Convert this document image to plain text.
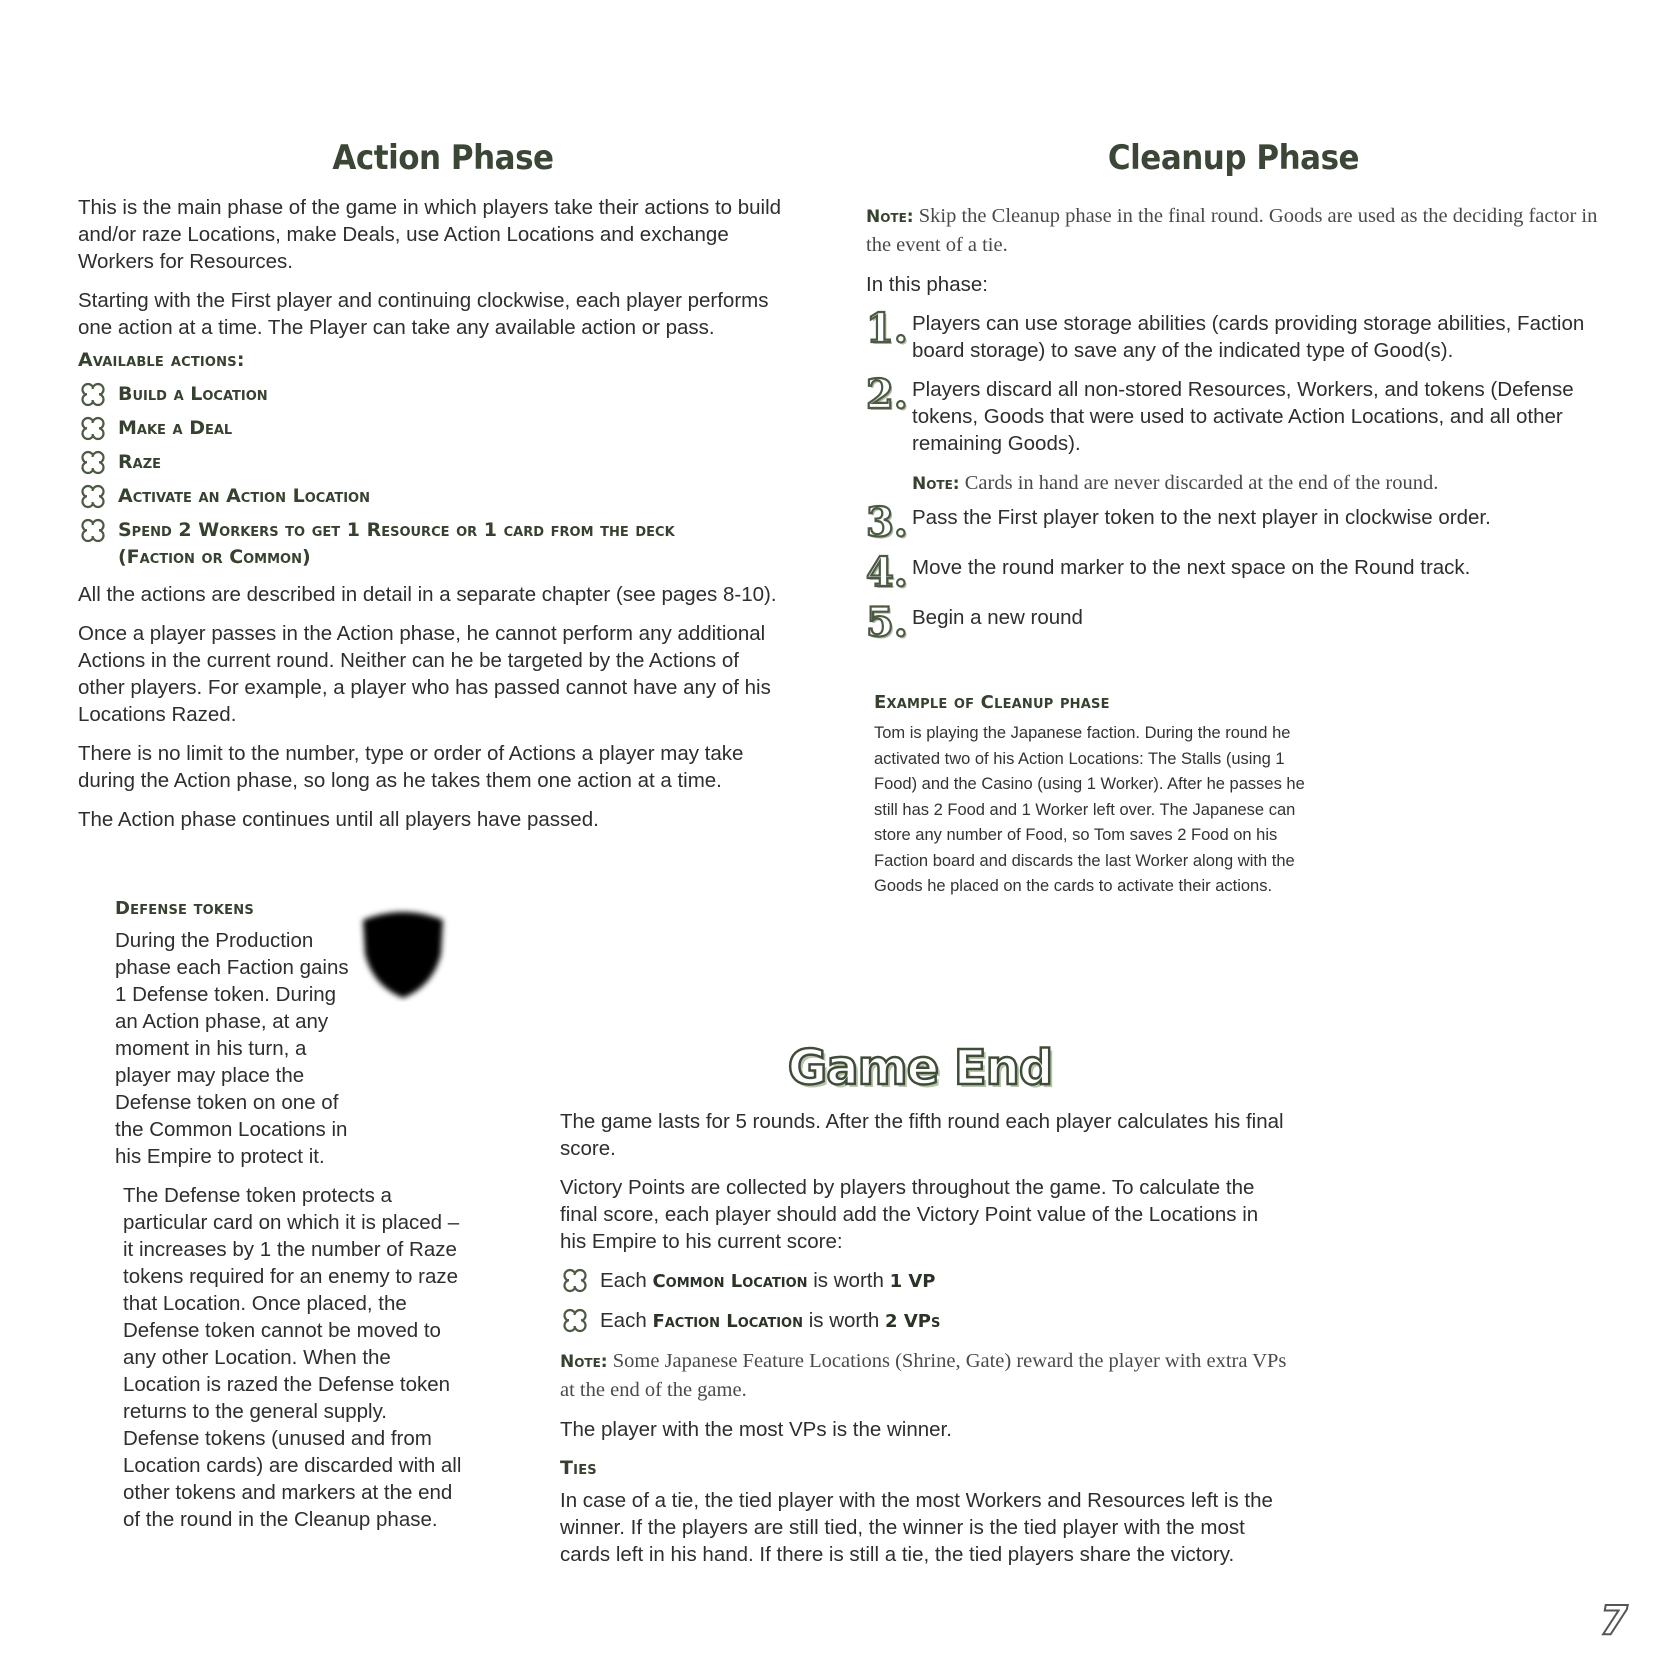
Action Phase

This is the main phase of the game in which players take their actions to build and/or raze Locations, make Deals, use Action Locations and exchange Workers for Resources.

Starting with the First player and continuing clockwise, each player performs one action at a time. The Player can take any available action or pass.

Available actions:
Build a Location
Make a Deal
Raze
Activate an Action Location
Spend 2 Workers to get 1 Resource or 1 card from the deck (Faction or Common)

All the actions are described in detail in a separate chapter (see pages 8-10).

Once a player passes in the Action phase, he cannot perform any additional Actions in the current round. Neither can he be targeted by the Actions of other players. For example, a player who has passed cannot have any of his Locations Razed.

There is no limit to the number, type or order of Actions a player may take during the Action phase, so long as he takes them one action at a time.

The Action phase continues until all players have passed.

Defense tokens

During the Production phase each Faction gains 1 Defense token. During an Action phase, at any moment in his turn, a player may place the Defense token on one of the Common Locations in his Empire to protect it.

The Defense token protects a particular card on which it is placed – it increases by 1 the number of Raze tokens required for an enemy to raze that Location. Once placed, the Defense token cannot be moved to any other Location. When the Location is razed the Defense token returns to the general supply. Defense tokens (unused and from Location cards) are discarded with all other tokens and markers at the end of the round in the Cleanup phase.

Cleanup Phase

Note: Skip the Cleanup phase in the final round. Goods are used as the deciding factor in the event of a tie.

In this phase:

1. Players can use storage abilities (cards providing storage abilities, Faction board storage) to save any of the indicated type of Good(s).
2. Players discard all non-stored Resources, Workers, and tokens (Defense tokens, Goods that were used to activate Action Locations, and all other remaining Goods).
Note: Cards in hand are never discarded at the end of the round.
3. Pass the First player token to the next player in clockwise order.
4. Move the round marker to the next space on the Round track.
5. Begin a new round
Example of Cleanup phase

Tom is playing the Japanese faction. During the round he activated two of his Action Locations: The Stalls (using 1 Food) and the Casino (using 1 Worker). After he passes he still has 2 Food and 1 Worker left over. The Japanese can store any number of Food, so Tom saves 2 Food on his Faction board and discards the last Worker along with the Goods he placed on the cards to activate their actions.

Game End

The game lasts for 5 rounds. After the fifth round each player calculates his final score.

Victory Points are collected by players throughout the game. To calculate the final score, each player should add the Victory Point value of the Locations in his Empire to his current score:

Each Common Location is worth 1 VP
Each Faction Location is worth 2 VPs

Note: Some Japanese Feature Locations (Shrine, Gate) reward the player with extra VPs at the end of the game.

The player with the most VPs is the winner.

Ties

In case of a tie, the tied player with the most Workers and Resources left is the winner. If the players are still tied, the winner is the tied player with the most cards left in his hand. If there is still a tie, the tied players share the victory.

7
